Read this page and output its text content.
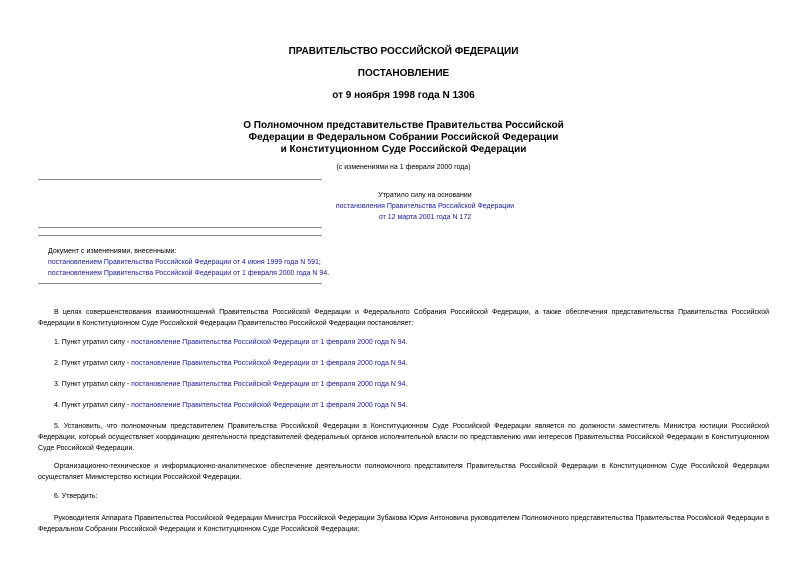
ПРАВИТЕЛЬСТВО РОССИЙСКОЙ ФЕДЕРАЦИИ
ПОСТАНОВЛЕНИЕ
от 9 ноября 1998 года N 1306
О Полномочном представительстве Правительства Российской
Федерации в Федеральном Собрании Российской Федерации
и Конституционном Суде Российской Федерации
(с изменениями на 1 февраля 2000 года)
Утратило силу на основании
постановления Правительства Российской Федерации
от 12 марта 2001 года N 172
Документ с изменениями, внесенными:
постановлением Правительства Российской Федерации от 4 июня 1999 года N 591;
постановлением Правительства Российской Федерации от 1 февраля 2000 года N 94.
В целях совершенствования взаимоотношений Правительства Российской Федерации и Федерального Собрания Российской Федерации, а также обеспечения представительства Правительства Российской Федерации в Конституционном Суде Российской Федерации Правительство Российской Федерации постановляет:
1. Пункт утратил силу - постановление Правительства Российской Федерации от 1 февраля 2000 года N 94.
2. Пункт утратил силу - постановление Правительства Российской Федерации от 1 февраля 2000 года N 94.
3. Пункт утратил силу - постановление Правительства Российской Федерации от 1 февраля 2000 года N 94.
4. Пункт утратил силу - постановление Правительства Российской Федерации от 1 февраля 2000 года N 94.
5. Установить, что полномочным представителем Правительства Российской Федерации в Конституционном Суде Российской Федерации является по должности заместитель Министра юстиции Российской Федерации, который осуществляет координацию деятельности представителей федеральных органов исполнительной власти по представлению ими интересов Правительства Российской Федерации в Конституционном Суде Российской Федерации.
Организационно-техническое и информационно-аналитическое обеспечение деятельности полномочного представителя Правительства Российской Федерации в Конституционном Суде Российской Федерации осуществляет Министерство юстиции Российской Федерации.
6. Утвердить:
Руководителя Аппарата Правительства Российской Федерации Министра Российской Федерации Зубакова Юрия Антоновича руководителем Полномочного представительства Правительства Российской Федерации в Федеральном Собрании Российской Федерации и Конституционном Суде Российской Федерации;
